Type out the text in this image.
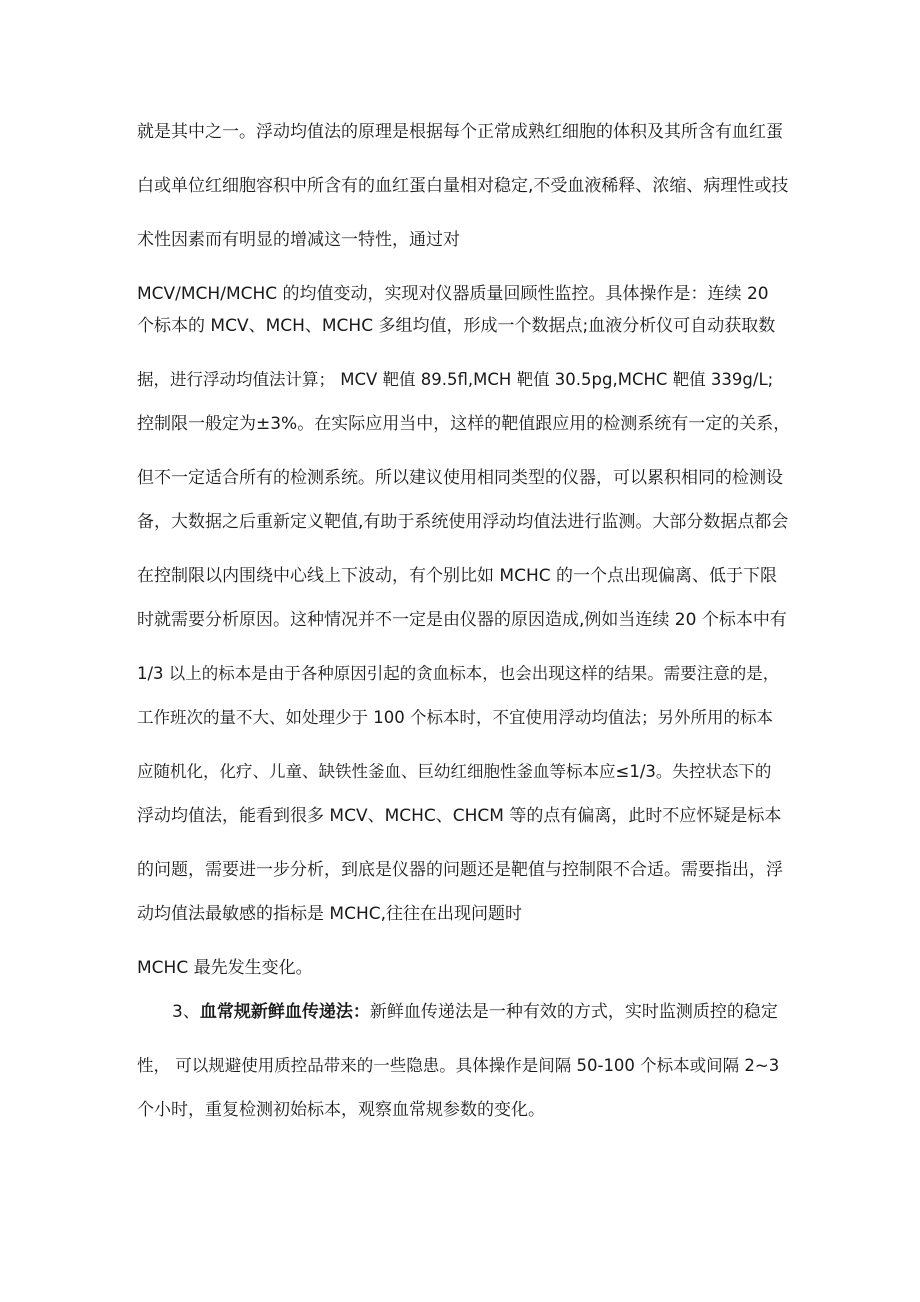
就是其中之一。浮动均值法的原理是根据每个正常成熟红细胞的体积及其所含有血红蛋
白或单位红细胞容积中所含有的血红蛋白量相对稳定,不受血液稀释、浓缩、病理性或技
术性因素而有明显的增减这一特性，通过对
MCV/MCH/MCHC 的均值变动，实现对仪器质量回顾性监控。具体操作是：连续 20
个标本的 MCV、MCH、MCHC 多组均值，形成一个数据点;血液分析仪可自动获取数
据，进行浮动均值法计算； MCV 靶值 89.5fl,MCH 靶值 30.5pg,MCHC 靶值 339g/L;
控制限一般定为±3%。在实际应用当中，这样的靶值跟应用的检测系统有一定的关系，
但不一定适合所有的检测系统。所以建议使用相同类型的仪器，可以累积相同的检测设
备，大数据之后重新定义靶值,有助于系统使用浮动均值法进行监测。大部分数据点都会
在控制限以内围绕中心线上下波动，有个别比如 MCHC 的一个点出现偏离、低于下限
时就需要分析原因。这种情况并不一定是由仪器的原因造成,例如当连续 20 个标本中有
1/3 以上的标本是由于各种原因引起的贪血标本，也会出现这样的结果。需要注意的是，
工作班次的量不大、如处理少于 100 个标本时，不宜使用浮动均值法；另外所用的标本
应随机化，化疗、儿童、缺铁性釜血、巨幼红细胞性釜血等标本应≤1/3。失控状态下的
浮动均值法，能看到很多 MCV、MCHC、CHCM 等的点有偏离，此时不应怀疑是标本
的问题，需要进一步分析，到底是仪器的问题还是靶值与控制限不合适。需要指出，浮
动均值法最敏感的指标是 MCHC,往往在出现问题时
MCHC 最先发生变化。
3、血常规新鲜血传递法：新鲜血传递法是一种有效的方式，实时监测质控的稳定
性， 可以规避使用质控品带来的一些隐患。具体操作是间隔 50-100 个标本或间隔 2~3
个小时，重复检测初始标本，观察血常规参数的变化。
